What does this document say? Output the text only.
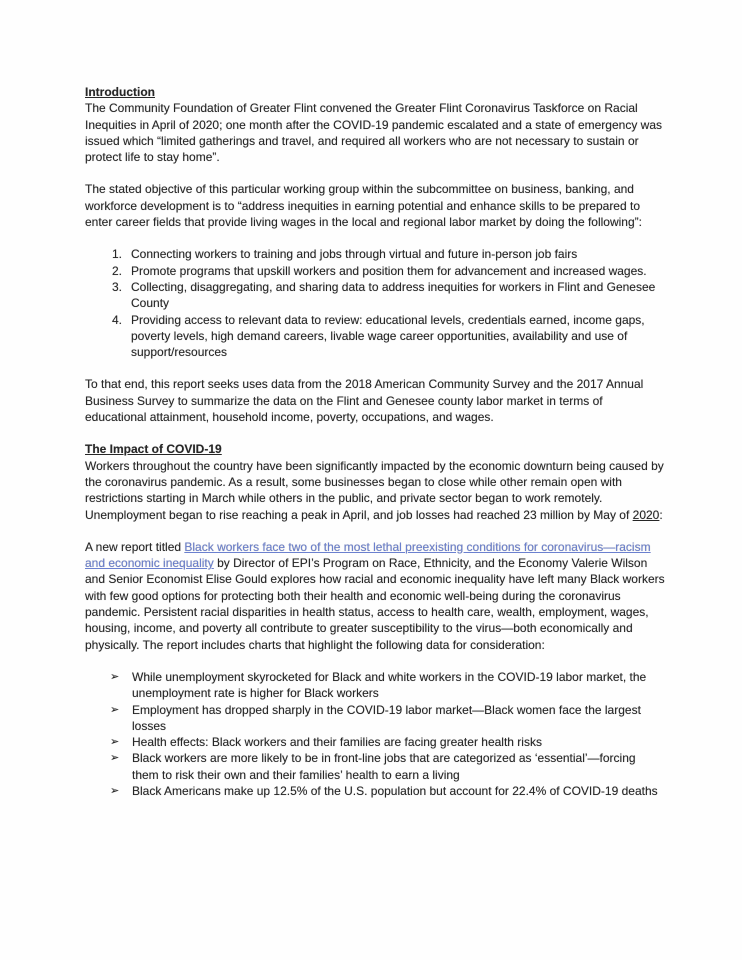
Introduction

The Community Foundation of Greater Flint convened the Greater Flint Coronavirus Taskforce on Racial Inequities in April of 2020; one month after the COVID-19 pandemic escalated and a state of emergency was issued which “limited gatherings and travel, and required all workers who are not necessary to sustain or protect life to stay home”.

The stated objective of this particular working group within the subcommittee on business, banking, and workforce development is to “address inequities in earning potential and enhance skills to be prepared to enter career fields that provide living wages in the local and regional labor market by doing the following”:

1. Connecting workers to training and jobs through virtual and future in-person job fairs
2. Promote programs that upskill workers and position them for advancement and increased wages.
3. Collecting, disaggregating, and sharing data to address inequities for workers in Flint and Genesee County
4. Providing access to relevant data to review: educational levels, credentials earned, income gaps, poverty levels, high demand careers, livable wage career opportunities, availability and use of support/resources

To that end, this report seeks uses data from the 2018 American Community Survey and the 2017 Annual Business Survey to summarize the data on the Flint and Genesee county labor market in terms of educational attainment, household income, poverty, occupations, and wages.

The Impact of COVID-19

Workers throughout the country have been significantly impacted by the economic downturn being caused by the coronavirus pandemic. As a result, some businesses began to close while other remain open with restrictions starting in March while others in the public, and private sector began to work remotely. Unemployment began to rise reaching a peak in April, and job losses had reached 23 million by May of 2020:

A new report titled Black workers face two of the most lethal preexisting conditions for coronavirus—racism and economic inequality by Director of EPI’s Program on Race, Ethnicity, and the Economy Valerie Wilson and Senior Economist Elise Gould explores how racial and economic inequality have left many Black workers with few good options for protecting both their health and economic well-being during the coronavirus pandemic. Persistent racial disparities in health status, access to health care, wealth, employment, wages, housing, income, and poverty all contribute to greater susceptibility to the virus—both economically and physically. The report includes charts that highlight the following data for consideration:

➢	While unemployment skyrocketed for Black and white workers in the COVID-19 labor market, the unemployment rate is higher for Black workers
➢	Employment has dropped sharply in the COVID-19 labor market—Black women face the largest losses
➢	Health effects: Black workers and their families are facing greater health risks
➢	Black workers are more likely to be in front-line jobs that are categorized as ‘essential’—forcing them to risk their own and their families’ health to earn a living
➢	Black Americans make up 12.5% of the U.S. population but account for 22.4% of COVID-19 deaths
